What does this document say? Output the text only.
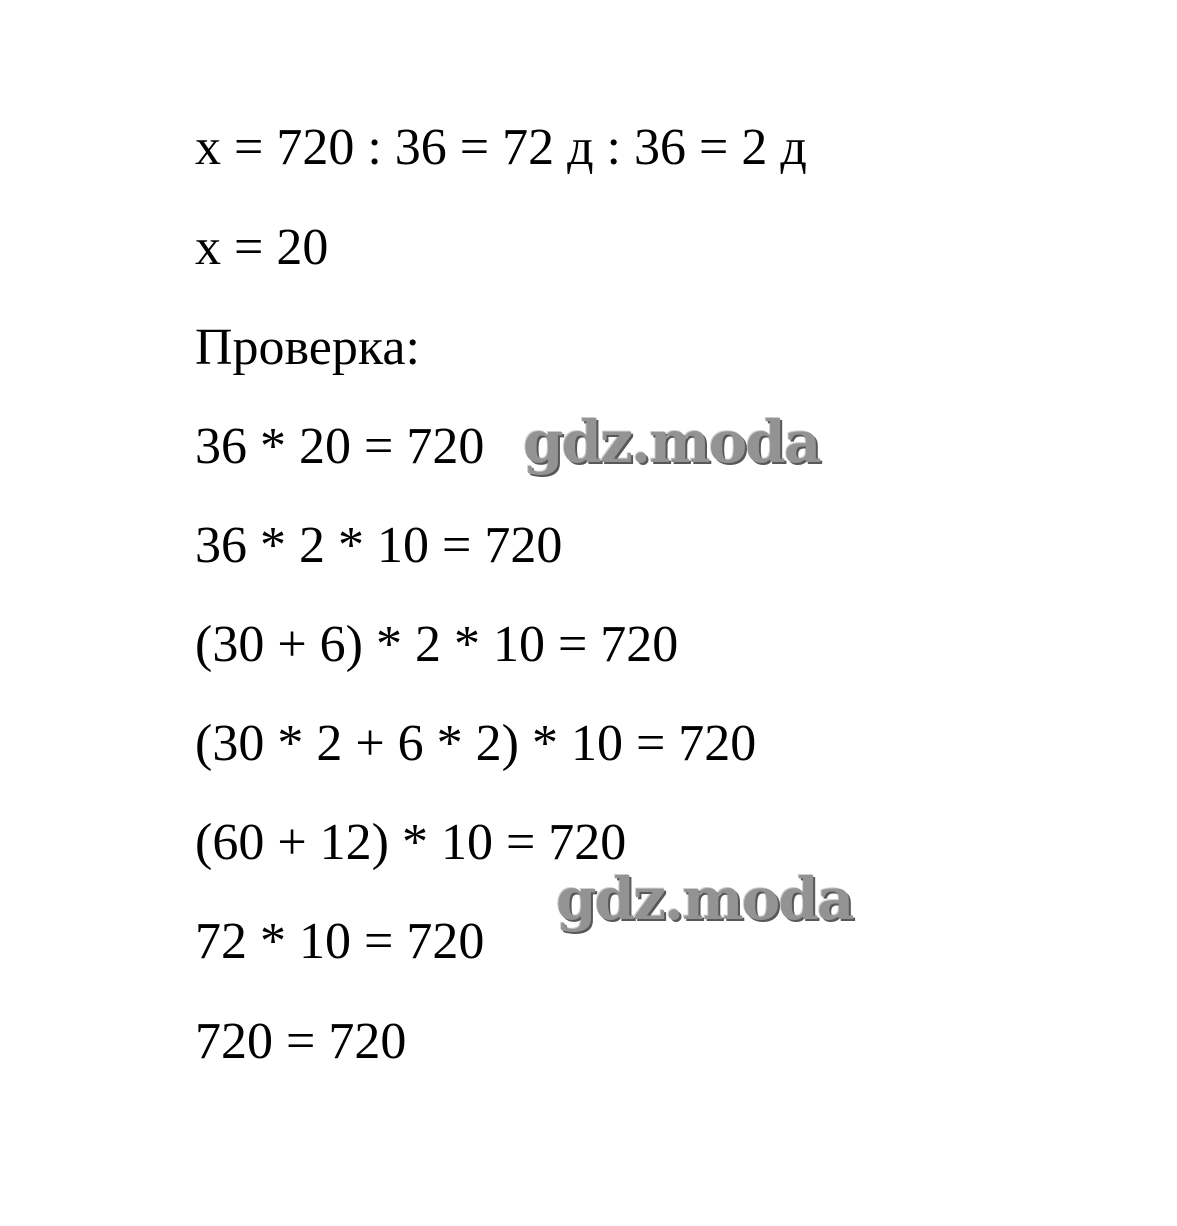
x = 720 : 36 = 72 д : 36 = 2 д
x = 20
Проверка:
36 * 20 = 720
36 * 2 * 10 = 720
(30 + 6) * 2 * 10 = 720
(30 * 2 + 6 * 2) * 10 = 720
(60 + 12) * 10 = 720
72 * 10 = 720
720 = 720
gdz.moda
gdz.moda
